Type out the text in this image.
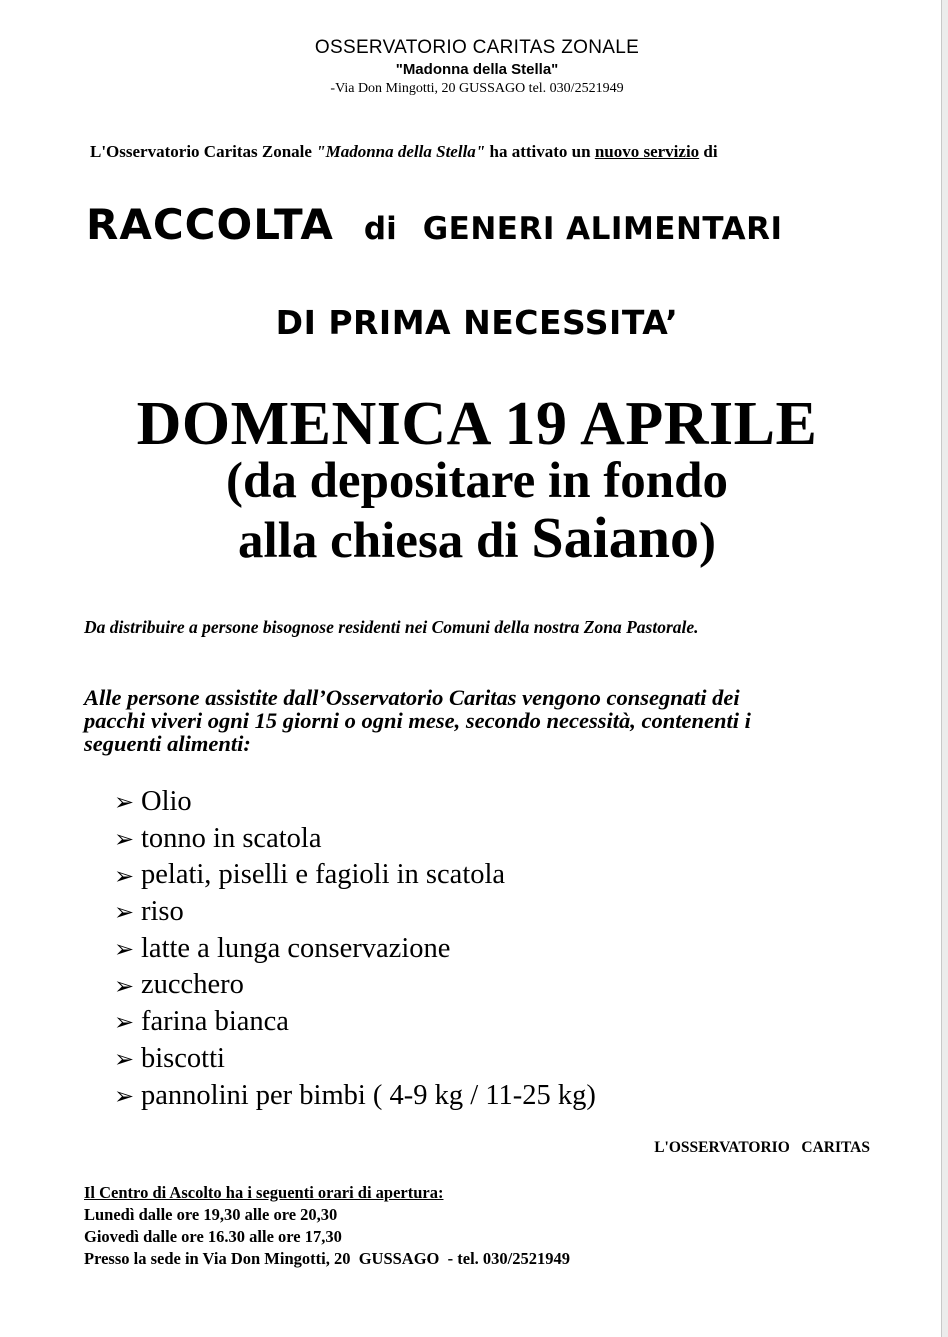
OSSERVATORIO CARITAS ZONALE
"Madonna della Stella"
-Via Don Mingotti, 20 GUSSAGO tel. 030/2521949
L'Osservatorio Caritas Zonale "Madonna della Stella" ha attivato un nuovo servizio di
RACCOLTA di GENERI ALIMENTARI
DI PRIMA NECESSITA’
DOMENICA 19 APRILE
(da depositare in fondo
alla chiesa di Saiano)
Da distribuire a persone bisognose residenti nei Comuni della nostra Zona Pastorale.
Alle persone assistite dall’Osservatorio Caritas vengono consegnati dei
pacchi viveri ogni 15 giorni o ogni mese, secondo necessità, contenenti i
seguenti alimenti:
➢ Olio
➢ tonno in scatola
➢ pelati, piselli e fagioli in scatola
➢ riso
➢ latte a lunga conservazione
➢ zucchero
➢ farina bianca
➢ biscotti
➢ pannolini per bimbi ( 4-9 kg / 11-25 kg)
L'OSSERVATORIO   CARITAS
Il Centro di Ascolto ha i seguenti orari di apertura:
Lunedì dalle ore 19,30 alle ore 20,30
Giovedì dalle ore 16.30 alle ore 17,30
Presso la sede in Via Don Mingotti, 20  GUSSAGO  - tel. 030/2521949
